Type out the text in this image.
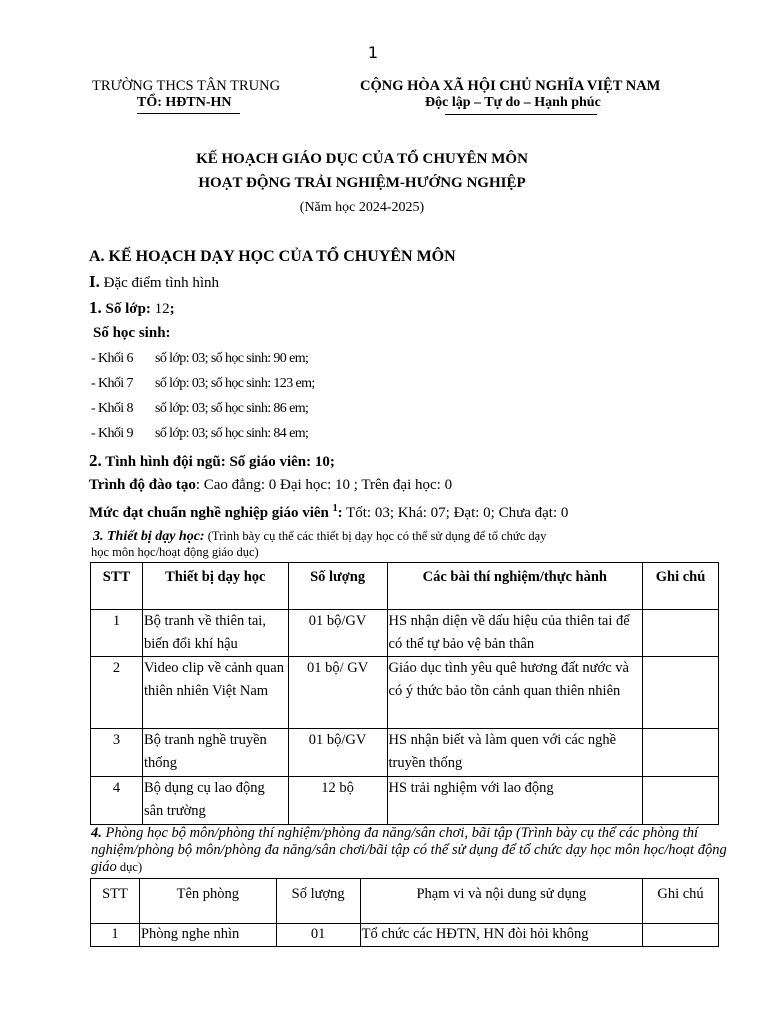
1
TRƯỜNG THCS TÂN TRUNG
TỔ: HĐTN-HN
CỘNG HÒA XÃ HỘI CHỦ NGHĨA VIỆT NAM
Độc lập – Tự do – Hạnh phúc
KẾ HOẠCH GIÁO DỤC CỦA TỔ CHUYÊN MÔN
HOẠT ĐỘNG TRẢI NGHIỆM-HƯỚNG NGHIỆP
(Năm học 2024-2025)
A. KẾ HOẠCH DẠY HỌC CỦA TỔ CHUYÊN MÔN
I. Đặc điểm tình hình
1. Số lớp: 12;
Số học sinh:
- Khối 6 số lớp: 03; số học sinh: 90 em;
- Khối 7 số lớp: 03; số học sinh: 123 em;
- Khối 8 số lớp: 03; số học sinh: 86 em;
- Khối 9 số lớp: 03; số học sinh: 84 em;
2. Tình hình đội ngũ: Số giáo viên: 10;
Trình độ đào tạo: Cao đẳng: 0 Đại học: 10 ; Trên đại học: 0
Mức đạt chuẩn nghề nghiệp giáo viên $^1$: Tốt: 03; Khá: 07; Đạt: 0; Chưa đạt: 0
3. Thiết bị dạy học: (Trình bày cụ thể các thiết bị dạy học có thể sử dụng để tổ chức dạy
học môn học/hoạt động giáo dục)
STT	Thiết bị dạy học	Số lượng	Các bài thí nghiệm/thực hành	Ghi chú
1	Bộ tranh về thiên tai, biến đổi khí hậu	01 bộ/GV	HS nhận diện về dấu hiệu của thiên tai để có thể tự bảo vệ bản thân	
2	Video clip về cảnh quan thiên nhiên Việt Nam	01 bộ/ GV	Giáo dục tình yêu quê hương đất nước và có ý thức bảo tồn cảnh quan thiên nhiên	
3	Bộ tranh nghề truyền thống	01 bộ/GV	HS nhận biết và làm quen với các nghề truyền thống	
4	Bộ dụng cụ lao động sân trường	12 bộ	HS trải nghiệm với lao động	
4. Phòng học bộ môn/phòng thí nghiệm/phòng đa năng/sân chơi, bãi tập (Trình bày cụ thể các phòng thí nghiệm/phòng bộ môn/phòng đa năng/sân chơi/bãi tập có thể sử dụng để tổ chức dạy học môn học/hoạt động giáo dục)
STT	Tên phòng	Số lượng	Phạm vi và nội dung sử dụng	Ghi chú
1	Phòng nghe nhìn	01	Tổ chức các HĐTN, HN đòi hỏi không	
